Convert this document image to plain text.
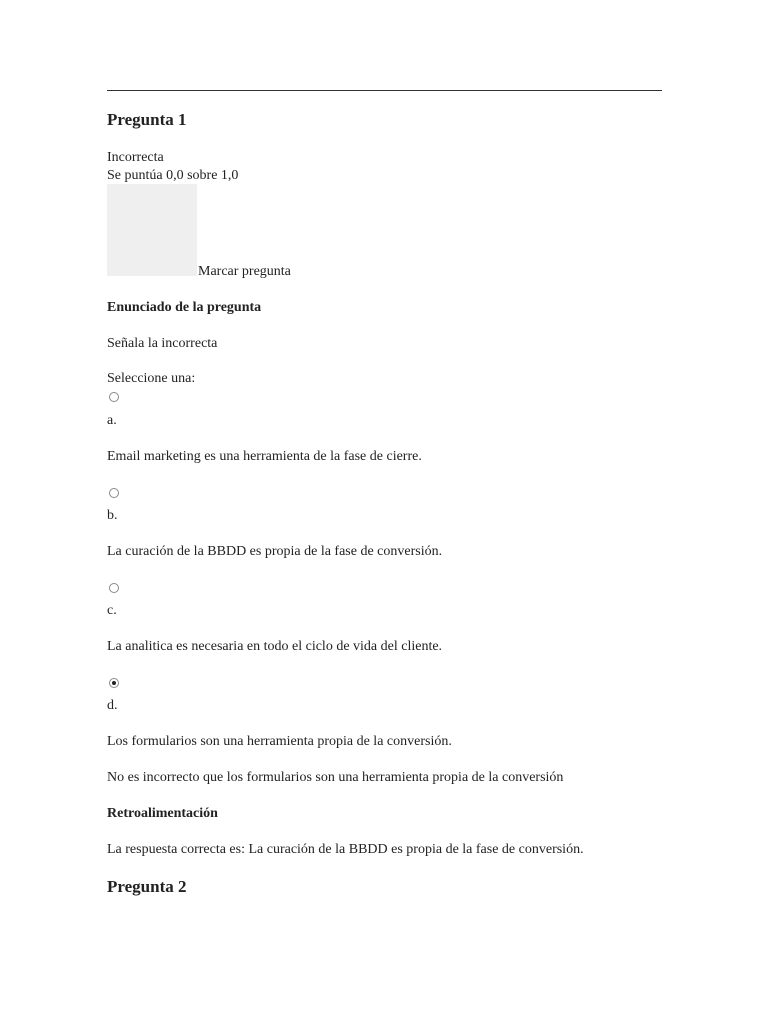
Pregunta 1
Incorrecta
Se puntúa 0,0 sobre 1,0
Marcar pregunta
Enunciado de la pregunta
Señala la incorrecta
Seleccione una:
a.
Email marketing es una herramienta de la fase de cierre.
b.
La curación de la BBDD es propia de la fase de conversión.
c.
La analitica es necesaria en todo el ciclo de vida del cliente.
d.
Los formularios son una herramienta propia de la conversión.
No es incorrecto que los formularios son una herramienta propia de la conversión
Retroalimentación
La respuesta correcta es: La curación de la BBDD es propia de la fase de conversión.
Pregunta 2
